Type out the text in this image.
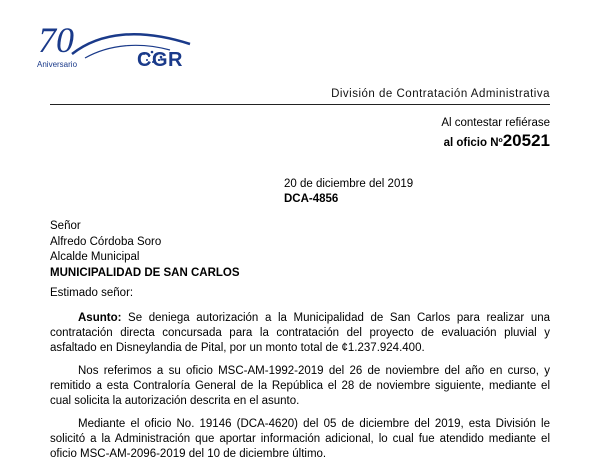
70
Aniversario	CGR
División de Contratación Administrativa
Al contestar refiérase
al oficio Nº20521
20 de diciembre del 2019
DCA-4856
Señor
Alfredo Córdoba Soro
Alcalde Municipal
MUNICIPALIDAD DE SAN CARLOS
Estimado señor:
Asunto: Se deniega autorización a la Municipalidad de San Carlos para realizar una contratación directa concursada para la contratación del proyecto de evaluación pluvial y asfaltado en Disneylandia de Pital, por un monto total de ¢1.237.924.400.
Nos referimos a su oficio MSC-AM-1992-2019 del 26 de noviembre del año en curso, y remitido a esta Contraloría General de la República el 28 de noviembre siguiente, mediante el cual solicita la autorización descrita en el asunto.
Mediante el oficio No. 19146 (DCA-4620) del 05 de diciembre del 2019, esta División le solicitó a la Administración que aportar información adicional, lo cual fue atendido mediante el oficio MSC-AM-2096-2019 del 10 de diciembre último.
